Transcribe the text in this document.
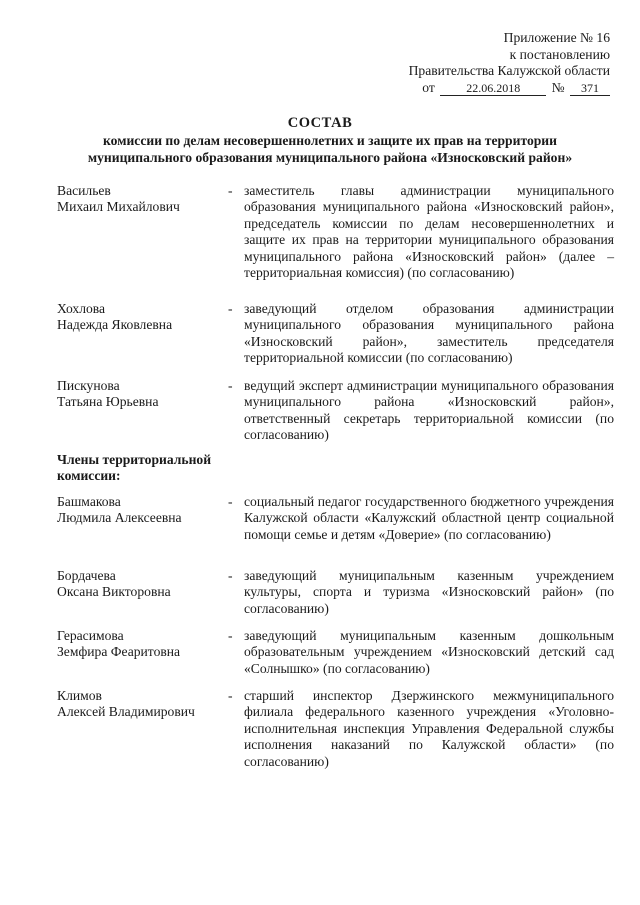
Приложение № 16
к постановлению
Правительства Калужской области
от	22.06.2018 № 371
СОСТАВ
комиссии по делам несовершеннолетних и защите их прав на территории
муниципального образования муниципального района «Износковский район»
Васильев
Михаил Михайлович
- заместитель главы администрации муниципального образования муниципального района «Износковский район», председатель комиссии по делам несовершеннолетних и защите их прав на территории муниципального образования муниципального района «Износковский район» (далее – территориальная комиссия) (по согласованию)
Хохлова
Надежда Яковлевна
- заведующий отделом образования администрации муниципального образования муниципального района «Износковский район», заместитель председателя территориальной комиссии (по согласованию)
Пискунова
Татьяна Юрьевна
- ведущий эксперт администрации муниципального образования муниципального района «Износковский район», ответственный секретарь территориальной комиссии (по согласованию)
Члены территориальной комиссии:
Башмакова
Людмила Алексеевна
- социальный педагог государственного бюджетного учреждения Калужской области «Калужский областной центр социальной помощи семье и детям «Доверие» (по согласованию)
Бордачева
Оксана Викторовна
- заведующий муниципальным казенным учреждением культуры, спорта и туризма «Износковский район» (по согласованию)
Герасимова
Земфира Феаритовна
- заведующий муниципальным казенным дошкольным образовательным учреждением «Износковский детский сад «Солнышко» (по согласованию)
Климов
Алексей Владимирович
- старший инспектор Дзержинского межмуниципального филиала федерального казенного учреждения «Уголовно-исполнительная инспекция Управления Федеральной службы исполнения наказаний по Калужской области» (по согласованию)
